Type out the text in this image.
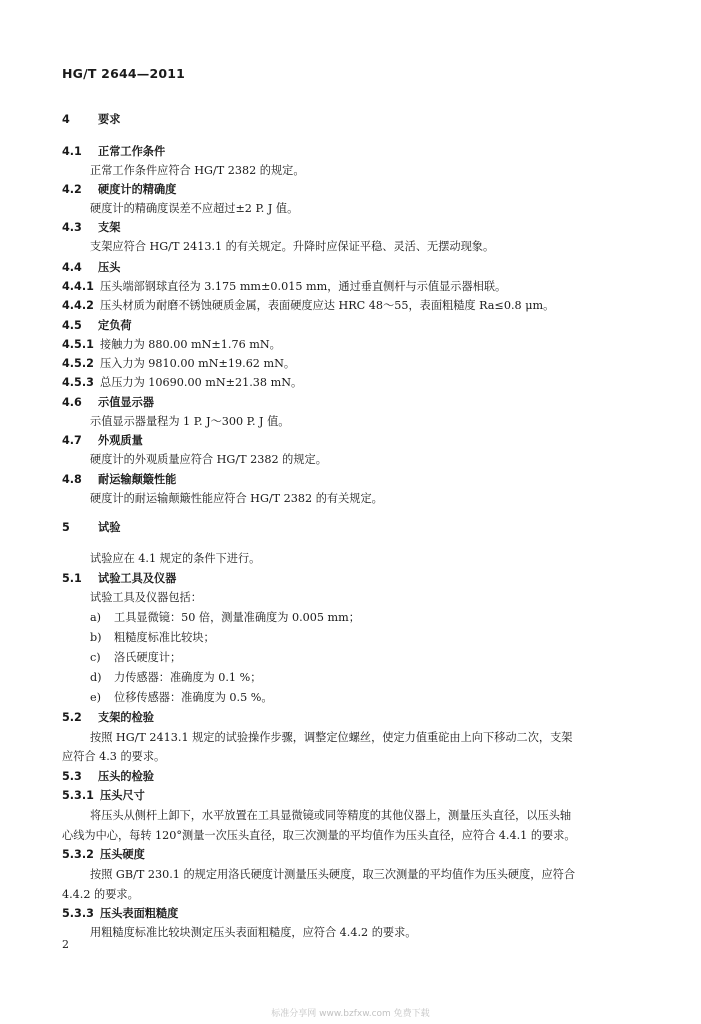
HG/T 2644—2011
4	要求
4.1 正常工作条件
正常工作条件应符合 HG/T 2382 的规定。
4.2 硬度计的精确度
硬度计的精确度误差不应超过±2 P. J 值。
4.3 支架
支架应符合 HG/T 2413.1 的有关规定。升降时应保证平稳、灵活、无摆动现象。
4.4 压头
4.4.1 压头端部钢球直径为 3.175 mm±0.015 mm，通过垂直侧杆与示值显示器相联。
4.4.2 压头材质为耐磨不锈蚀硬质金属，表面硬度应达 HRC 48～55，表面粗糙度 Ra≤0.8 μm。
4.5 定负荷
4.5.1 接触力为 880.00 mN±1.76 mN。
4.5.2 压入力为 9810.00 mN±19.62 mN。
4.5.3 总压力为 10690.00 mN±21.38 mN。
4.6 示值显示器
示值显示器量程为 1 P. J～300 P. J 值。
4.7 外观质量
硬度计的外观质量应符合 HG/T 2382 的规定。
4.8 耐运输颠簸性能
硬度计的耐运输颠簸性能应符合 HG/T 2382 的有关规定。
5	试验
试验应在 4.1 规定的条件下进行。
5.1 试验工具及仪器
试验工具及仪器包括：
a) 工具显微镜：50 倍，测量准确度为 0.005 mm；
b) 粗糙度标准比较块；
c) 洛氏硬度计；
d) 力传感器：准确度为 0.1 %；
e) 位移传感器：准确度为 0.5 %。
5.2 支架的检验
按照 HG/T 2413.1 规定的试验操作步骤，调整定位螺丝，使定力值重砣由上向下移动二次，支架
应符合 4.3 的要求。
5.3 压头的检验
5.3.1 压头尺寸
将压头从侧杆上卸下，水平放置在工具显微镜或同等精度的其他仪器上，测量压头直径，以压头轴
心线为中心，每转 120°测量一次压头直径，取三次测量的平均值作为压头直径，应符合 4.4.1 的要求。
5.3.2 压头硬度
按照 GB/T 230.1 的规定用洛氏硬度计测量压头硬度，取三次测量的平均值作为压头硬度，应符合
4.4.2 的要求。
5.3.3 压头表面粗糙度
用粗糙度标准比较块测定压头表面粗糙度，应符合 4.4.2 的要求。
2
标准分享网 www.bzfxw.com 免费下载
